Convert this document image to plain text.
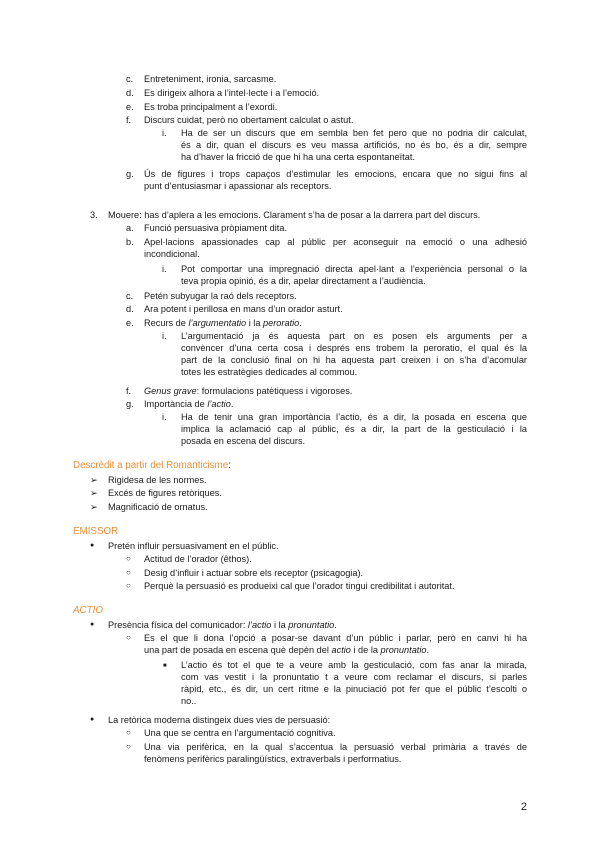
c. Entreteniment, ironia, sarcasme.
d. Es dirigeix alhora a l’intel·lecte i a l’emoció.
e. Es troba principalment a l’exordi.
f. Discurs cuidat, però no obertament calculat o astut.
i. Ha de ser un discurs que em sembla ben fet pero que no podria dir calculat,
és a dir, quan el discurs es veu massa artificiós, no és bo, és a dir, sempre
ha d’haver la fricció de que hi ha una certa espontaneïtat.
g. Ús de figures i trops capaços d’estimular les emocions, encara que no sigui fins al
punt d’entusiasmar i apassionar als receptors.
3. Mouere: has d’aplera a les emocions. Clarament s’ha de posar a la darrera part del discurs.
a. Funció persuasiva pròpiament dita.
b. Apel·lacions apassionades cap al públic per aconseguir na emoció o una adhesió
incondicional.
i. Pot comportar una impregnació directa apel·lant a l’experiència personal o la
teva propia opinió, és a dir, apelar directament a l’audiència.
c. Petén subyugar la raó dels receptors.
d. Ara potent i perillosa en mans d’un orador asturt.
e. Recurs de l’argumentatio i la peroratio.
i. L’argumentació ja és aquesta part on es posen els arguments per a
convèncer d’una certa cosa i després ens trobem la peroratio, el qual és la
part de la conclusió final on hi ha aquesta part creixen i on s’ha d’acomular
totes les estratègies dedicades al commou.
f. Genus grave: formulacions patètiquess i vigoroses.
g. Importància de l’actio.
i. Ha de tenir una gran importància l’actio, és a dir, la posada en escena que
implica la aclamació cap al públic, és a dir, la part de la gesticulació i la
posada en escena del discurs.
Descrèdit a partir del Romanticisme:
➢ Rigidesa de les normes.
➢ Excés de figures retòriques.
➢ Magnificació de ornatus.
EMISSOR
● Pretén influir persuasivament en el públic.
○ Actitud de l’orador (êthos).
○ Desig d’influir i actuar sobre els receptor (psicagogia).
○ Perquè la persuasió es produeixi cal que l’orador tingui credibilitat i autoritat.
ACTIO
● Presència física del comunicador: l’actio i la pronuntatio.
○ Es el que li dona l’opció a posar-se davant d’un públic i parlar, però en canvi hi ha
una part de posada en escena què depèn del actio i de la pronuntatio.
■ L’actio és tot el que te a veure amb la gesticulació, com fas anar la mirada,
com vas vestit i la pronuntatio t a veure com reclamar el discurs, si parles
ràpid, etc., és dir, un cert ritme e la pinuciació pot fer que el públic t’escolti o
no..
● La retòrica moderna distingeix dues vies de persuasió:
○ Una que se centra en l’argumentació cognitiva.
○ Una via perifèrica, en la qual s’accentua la persuasió verbal primària a través de
fenòmens perifèrics paralingüístics, extraverbals i performatius.
2
